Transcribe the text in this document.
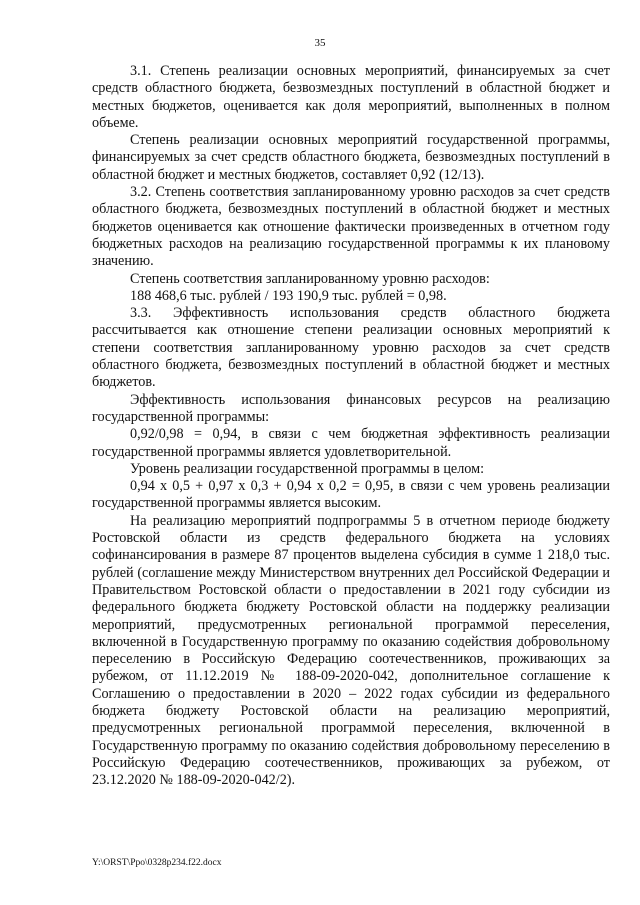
35

3.1. Степень реализации основных мероприятий, финансируемых за счет средств областного бюджета, безвозмездных поступлений в областной бюджет и местных бюджетов, оценивается как доля мероприятий, выполненных в полном объеме.

Степень реализации основных мероприятий государственной программы, финансируемых за счет средств областного бюджета, безвозмездных поступлений в областной бюджет и местных бюджетов, составляет 0,92 (12/13).

3.2. Степень соответствия запланированному уровню расходов за счет средств областного бюджета, безвозмездных поступлений в областной бюджет и местных бюджетов оценивается как отношение фактически произведенных в отчетном году бюджетных расходов на реализацию государственной программы к их плановому значению.

Степень соответствия запланированному уровню расходов:

188 468,6 тыс. рублей / 193 190,9 тыс. рублей = 0,98.

3.3. Эффективность использования средств областного бюджета рассчитывается как отношение степени реализации основных мероприятий к степени соответствия запланированному уровню расходов за счет средств областного бюджета, безвозмездных поступлений в областной бюджет и местных бюджетов.

Эффективность использования финансовых ресурсов на реализацию государственной программы:

0,92/0,98 = 0,94, в связи с чем бюджетная эффективность реализации государственной программы является удовлетворительной.

Уровень реализации государственной программы в целом:

0,94 х 0,5 + 0,97 х 0,3 + 0,94 х 0,2 = 0,95, в связи с чем уровень реализации государственной программы является высоким.

На реализацию мероприятий подпрограммы 5 в отчетном периоде бюджету Ростовской области из средств федерального бюджета на условиях софинансирования в размере 87 процентов выделена субсидия в сумме 1 218,0 тыс. рублей (соглашение между Министерством внутренних дел Российской Федерации и Правительством Ростовской области о предоставлении в 2021 году субсидии из федерального бюджета бюджету Ростовской области на поддержку реализации мероприятий, предусмотренных региональной программой переселения, включенной в Государственную программу по оказанию содействия добровольному переселению в Российскую Федерацию соотечественников, проживающих за рубежом, от 11.12.2019 № 188-09-2020-042, дополнительное соглашение к Соглашению о предоставлении в 2020 – 2022 годах субсидии из федерального бюджета бюджету Ростовской области на реализацию мероприятий, предусмотренных региональной программой переселения, включенной в Государственную программу по оказанию содействия добровольному переселению в Российскую Федерацию соотечественников, проживающих за рубежом, от 23.12.2020 № 188-09-2020-042/2).

Y:\ORST\Ppo\0328p234.f22.docx
